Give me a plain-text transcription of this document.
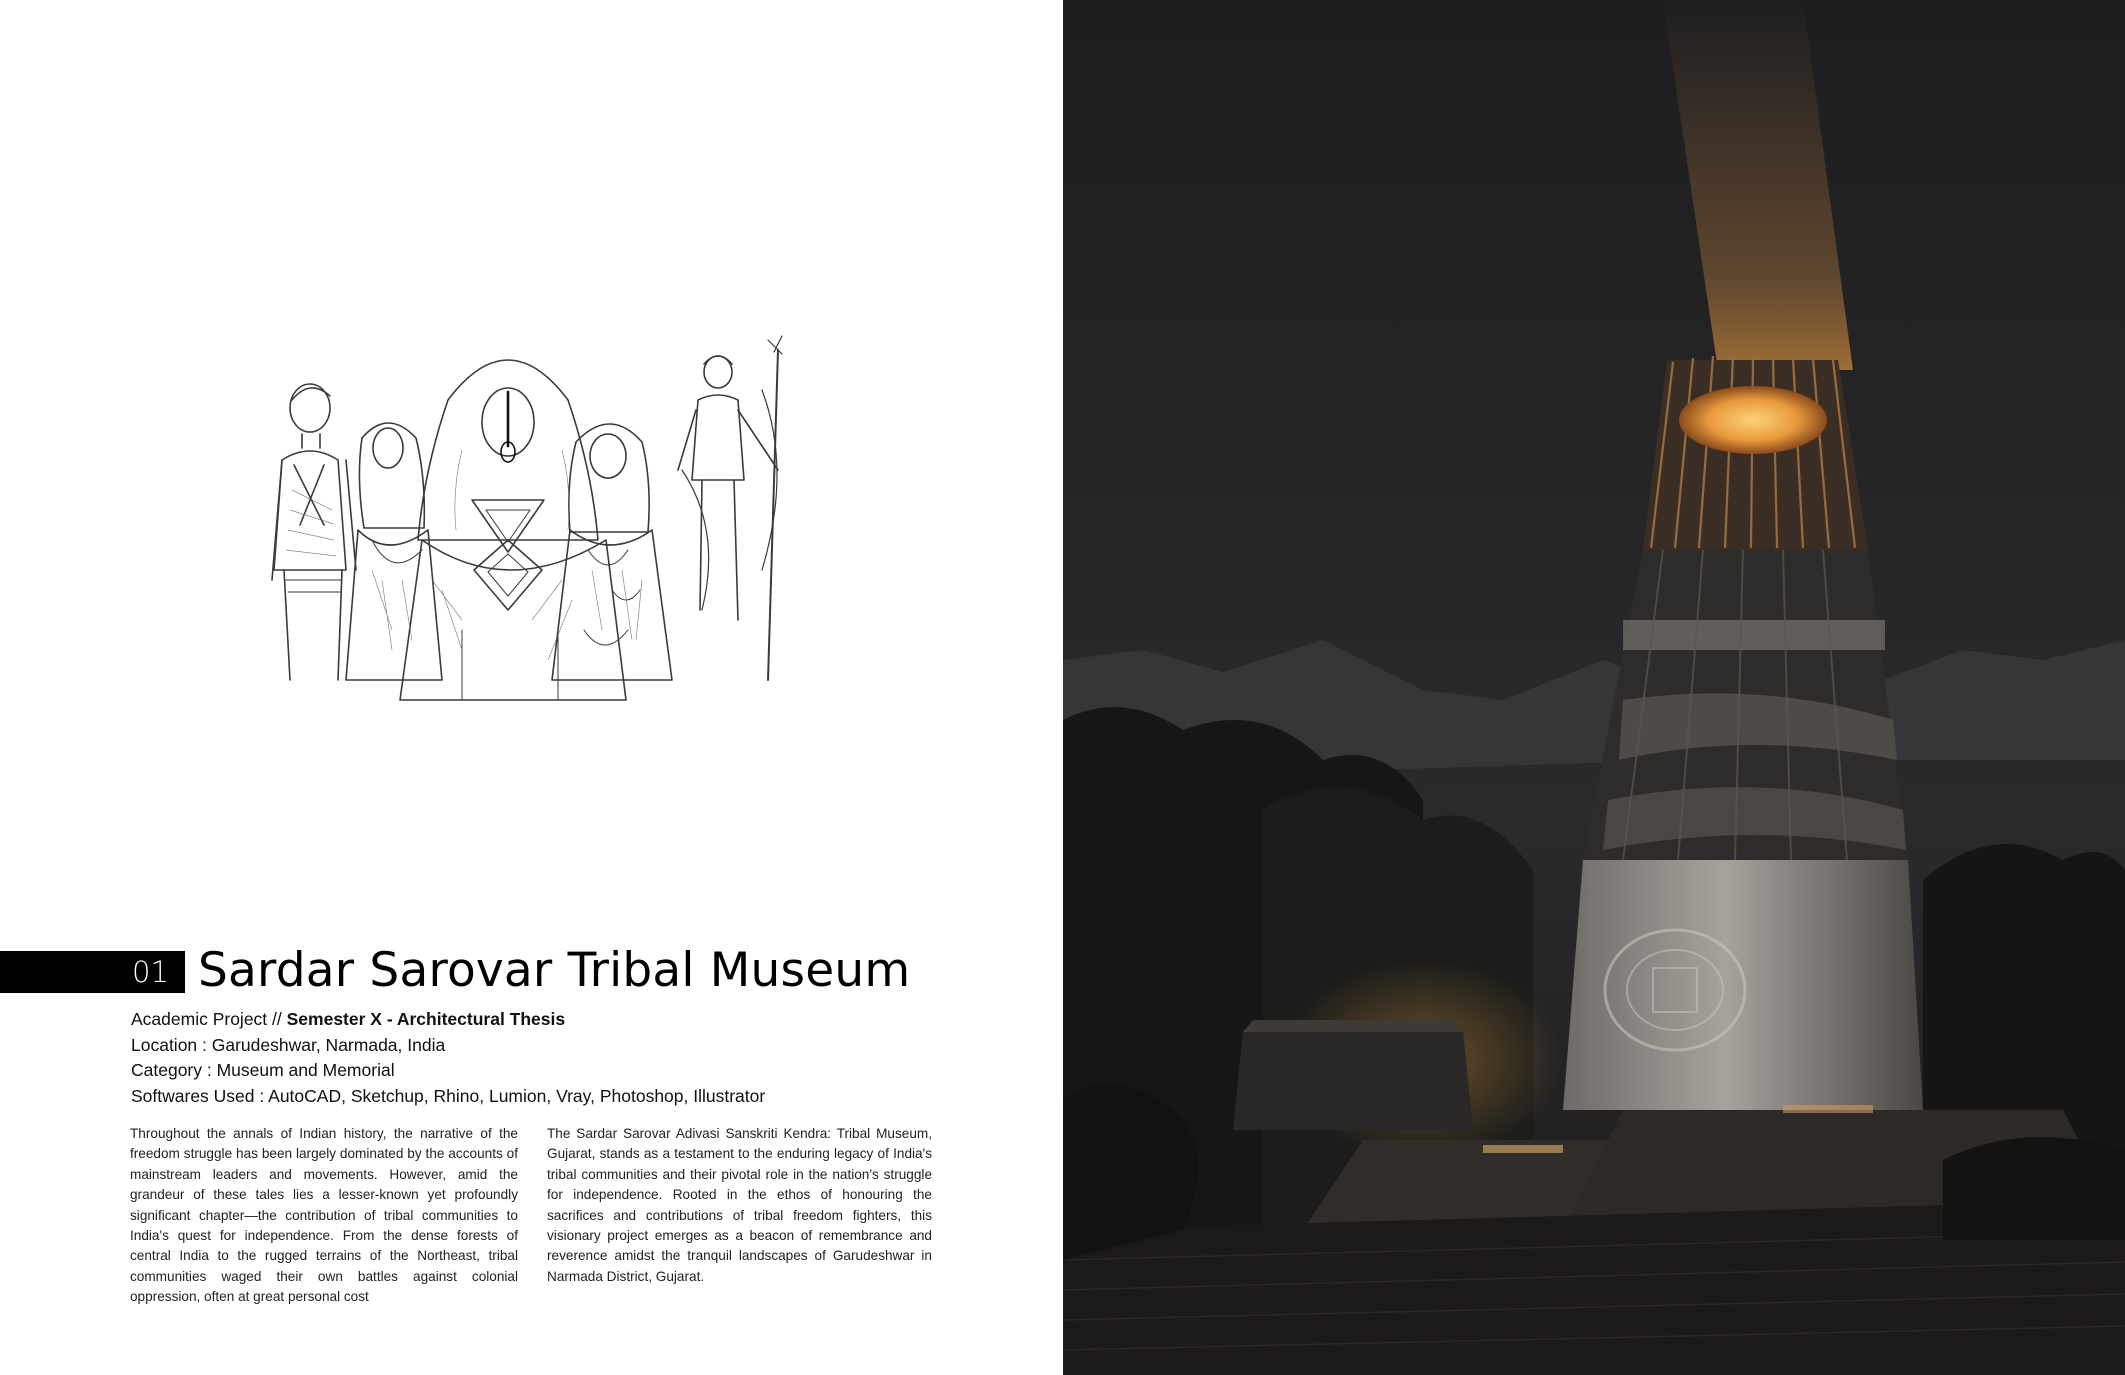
01 Sardar Sarovar Tribal Museum
Academic Project // Semester X - Architectural Thesis
Location : Garudeshwar, Narmada, India
Category : Museum and Memorial
Softwares Used : AutoCAD, Sketchup, Rhino, Lumion, Vray, Photoshop, Illustrator
Throughout the annals of Indian history, the narrative of the freedom struggle has been largely dominated by the accounts of mainstream leaders and movements. However, amid the grandeur of these tales lies a lesser-known yet profoundly significant chapter—the contribution of tribal communities to India's quest for independence. From the dense forests of central India to the rugged terrains of the Northeast, tribal communities waged their own battles against colonial oppression, often at great personal cost
The Sardar Sarovar Adivasi Sanskriti Kendra: Tribal Museum, Gujarat, stands as a testament to the enduring legacy of India's tribal communities and their pivotal role in the nation's struggle for independence. Rooted in the ethos of honouring the sacrifices and contributions of tribal freedom fighters, this visionary project emerges as a beacon of remembrance and reverence amidst the tranquil landscapes of Garudeshwar in Narmada District, Gujarat.
